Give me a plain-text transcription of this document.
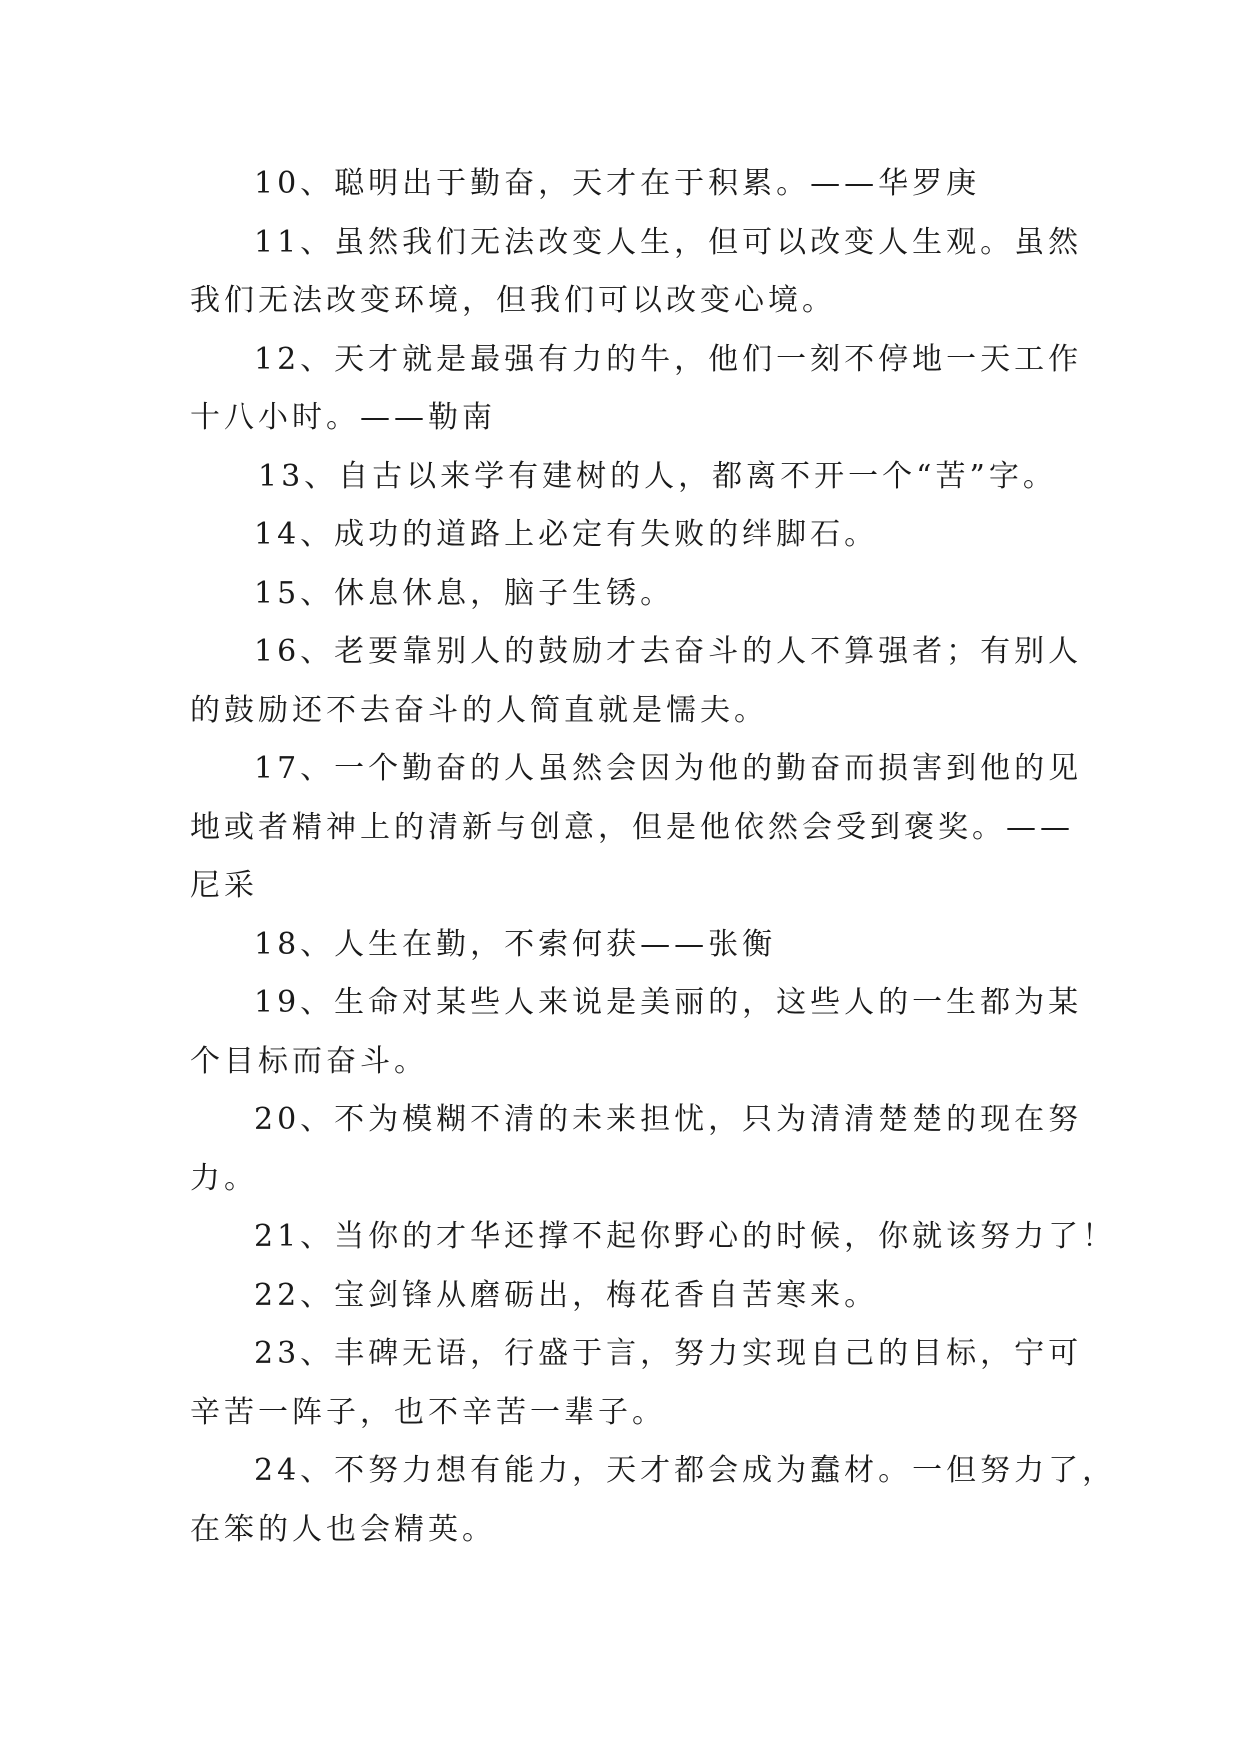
10、聪明出于勤奋，天才在于积累。——华罗庚
11、虽然我们无法改变人生，但可以改变人生观。虽然
我们无法改变环境，但我们可以改变心境。
12、天才就是最强有力的牛，他们一刻不停地一天工作
十八小时。——勒南
13、自古以来学有建树的人，都离不开一个“苦”字。
14、成功的道路上必定有失败的绊脚石。
15、休息休息，脑子生锈。
16、老要靠别人的鼓励才去奋斗的人不算强者；有别人
的鼓励还不去奋斗的人简直就是懦夫。
17、一个勤奋的人虽然会因为他的勤奋而损害到他的见
地或者精神上的清新与创意，但是他依然会受到褒奖。——
尼采
18、人生在勤，不索何获——张衡
19、生命对某些人来说是美丽的，这些人的一生都为某
个目标而奋斗。
20、不为模糊不清的未来担忧，只为清清楚楚的现在努
力。
21、当你的才华还撑不起你野心的时候，你就该努力了！
22、宝剑锋从磨砺出，梅花香自苦寒来。
23、丰碑无语，行盛于言，努力实现自己的目标，宁可
辛苦一阵子，也不辛苦一辈子。
24、不努力想有能力，天才都会成为蠢材。一但努力了，
在笨的人也会精英。
